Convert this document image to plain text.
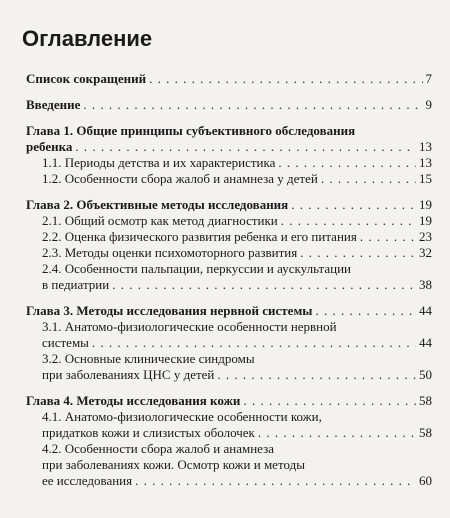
Оглавление
Список сокращений . . .	7
Введение . . .	9
Глава 1. Общие принципы субъективного обследования
ребенка . . .	13
1.1. Периоды детства и их характеристика . . .	13
1.2. Особенности сбора жалоб и анамнеза у детей . . .	15
Глава 2. Объективные методы исследования . . .	19
2.1. Общий осмотр как метод диагностики . . .	19
2.2. Оценка физического развития ребенка и его питания . . .	23
2.3. Методы оценки психомоторного развития . . .	32
2.4. Особенности пальпации, перкуссии и аускультации
в педиатрии . . .	38
Глава 3. Методы исследования нервной системы . . .	44
3.1. Анатомо-физиологические особенности нервной
системы . . .	44
3.2. Основные клинические синдромы
при заболеваниях ЦНС у детей . . .	50
Глава 4. Методы исследования кожи . . .	58
4.1. Анатомо-физиологические особенности кожи,
придатков кожи и слизистых оболочек . . .	58
4.2. Особенности сбора жалоб и анамнеза
при заболеваниях кожи. Осмотр кожи и методы
ее исследования . . .	60
